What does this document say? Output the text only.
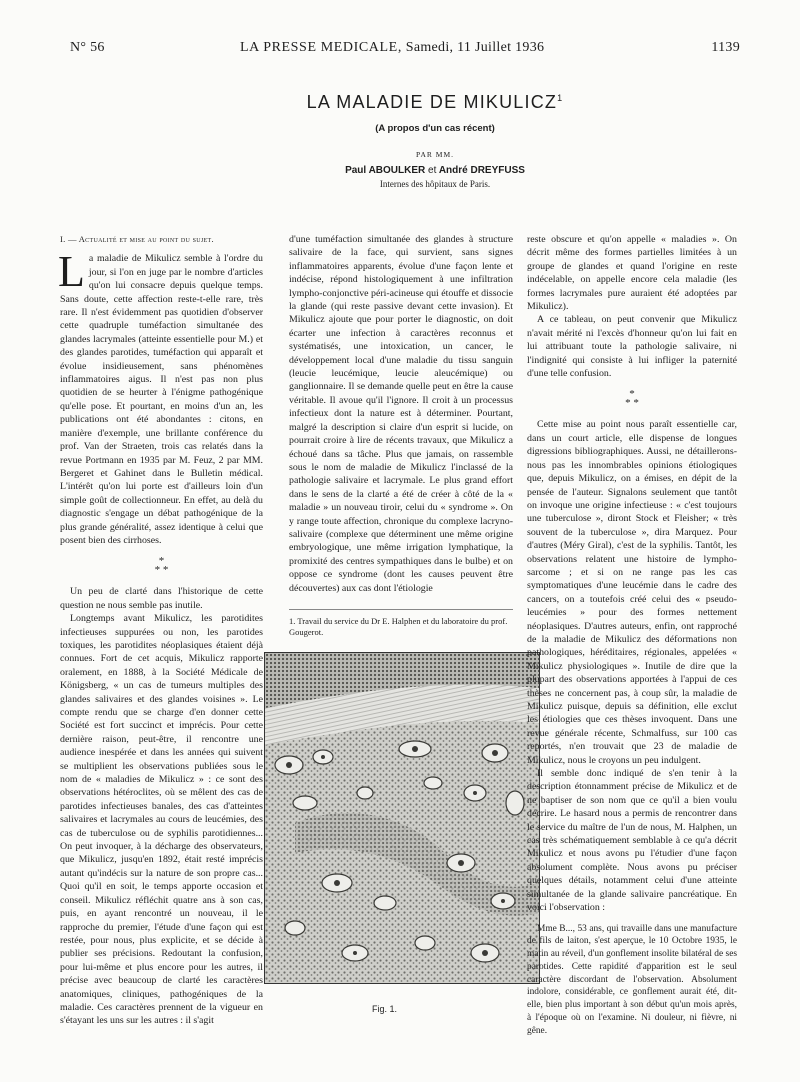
N° 56	LA PRESSE MEDICALE, Samedi, 11 Juillet 1936	1139
LA MALADIE DE MIKULICZ$^1$
(A propos d'un cas récent)
PAR MM.
Paul ABOULKER et André DREYFUSS
Internes des hôpitaux de Paris.
I. — Actualité et mise au point du sujet.

La maladie de Mikulicz semble à l'ordre du jour, si l'on en juge par le nombre d'articles qu'on lui consacre depuis quelque temps. Sans doute, cette affection reste-t-elle rare, très rare. Il n'est évidemment pas quotidien d'observer cette quadruple tuméfaction simultanée des glandes lacrymales (atteinte essentielle pour M.) et des glandes parotides, tuméfaction qui apparaît et évolue insidieusement, sans phénomènes inflammatoires aigus. Il n'est pas non plus quotidien de se heurter à l'énigme pathogénique qu'elle pose. Et pourtant, en moins d'un an, les publications ont été abondantes : citons, en manière d'exemple, une brillante conférence du prof. Van der Straeten, trois cas relatés dans la revue Portmann en 1935 par M. Feuz, 2 par MM. Bergeret et Gahinet dans le Bulletin médical. L'intérêt qu'on lui porte est d'ailleurs loin d'un simple goût de collectionneur. En effet, au delà du diagnostic s'engage un débat pathogénique de la plus grande généralité, assez identique à celui que posent bien des cirrhoses.

*
* *

Un peu de clarté dans l'historique de cette question ne nous semble pas inutile.

Longtemps avant Mikulicz, les parotidites infectieuses suppurées ou non, les parotides toxiques, les parotidites néoplasiques étaient déjà connues. Fort de cet acquis, Mikulicz rapporte oralement, en 1888, à la Société Médicale de Königsberg, « un cas de tumeurs multiples des glandes salivaires et des glandes voisines ». Le compte rendu que se charge d'en donner cette Société est fort succinct et imprécis. Pour cette dernière raison, peut-être, il rencontre une audience inespérée et dans les années qui suivent se multiplient les observations publiées sous le nom de « maladies de Mikulicz » : ce sont des observations hétéroclites, où se mêlent des cas de parotides infectieuses banales, des cas d'atteintes salivaires et lacrymales au cours de leucémies, des cas de tuberculose ou de syphilis parotidiennes... On peut invoquer, à la décharge des observateurs, que Mikulicz, jusqu'en 1892, était resté imprécis autant qu'indécis sur la nature de son propre cas... Quoi qu'il en soit, le temps apporte occasion et conseil. Mikulicz réfléchit quatre ans à son cas, puis, en ayant rencontré un nouveau, il le rapproche du premier, l'étude d'une façon qui est restée, pour nous, plus explicite, et se décide à publier ses précisions. Redoutant la confusion, pour lui-même et plus encore pour les autres, il précise avec beaucoup de clarté les caractères anatomiques, cliniques, pathogéniques de la maladie. Ces caractères prennent de la vigueur en s'étayant les uns sur les autres : il s'agit

d'une tuméfaction simultanée des glandes à structure salivaire de la face, qui survient, sans signes inflammatoires apparents, évolue d'une façon lente et indécise, répond histologiquement à une infiltration lympho-conjonctive péri-acineuse qui étouffe et dissocie la glande (qui reste passive devant cette invasion). Et Mikulicz ajoute que pour porter le diagnostic, on doit écarter une infection à caractères reconnus et systématisés, une intoxication, un cancer, le développement local d'une maladie du tissu sanguin (leucie leucémique, leucie aleucémique) ou ganglionnaire. Il se demande quelle peut en être la cause véritable. Il avoue qu'il l'ignore. Il croit à un processus infectieux dont la nature est à déterminer. Pourtant, malgré la description si claire d'un esprit si lucide, on pourrait croire à lire de récents travaux, que Mikulicz a échoué dans sa tâche. Plus que jamais, on rassemble sous le nom de maladie de Mikulicz l'inclassé de la pathologie salivaire et lacrymale. Le plus grand effort dans le sens de la clarté a été de créer à côté de la « maladie » un nouveau tiroir, celui du « syndrome ». On y range toute affection, chronique du complexe lacryno-salivaire (complexe que déterminent une même origine embryologique, une même irrigation lymphatique, la promixité des centres sympathiques dans le bulbe) et on oppose ce syndrome (dont les causes peuvent être découvertes) aux cas dont l'étiologie

1. Travail du service du Dr E. Halphen et du laboratoire du prof. Gougerot.

Fig. 1.

reste obscure et qu'on appelle « maladies ». On décrit même des formes partielles limitées à un groupe de glandes et quand l'origine en reste indécelable, on appelle encore cela maladie (les formes lacrymales pure auraient été adoptées par Mikulicz).

A ce tableau, on peut convenir que Mikulicz n'avait mérité ni l'excès d'honneur qu'on lui fait en lui attribuant toute la pathologie salivaire, ni l'indignité qui consiste à lui infliger la paternité d'une telle confusion.

*
* *

Cette mise au point nous paraît essentielle car, dans un court article, elle dispense de longues digressions bibliographiques. Aussi, ne détaillerons-nous pas les innombrables opinions étiologiques que, depuis Mikulicz, on a émises, en dépit de la pensée de l'auteur. Signalons seulement que tantôt on invoque une origine infectieuse : « c'est toujours une tuberculose », diront Stock et Fleisher; « très souvent de la tuberculose », dira Marquez. Pour d'autres (Méry Giral), c'est de la syphilis. Tantôt, les observations relatent une histoire de lympho-sarcome ; et si on ne range pas les cas symptomatiques d'une leucémie dans le cadre des cancers, on a toutefois créé celui des « pseudo-leucémies » pour des formes nettement néoplasiques. D'autres auteurs, enfin, ont rapproché de la maladie de Mikulicz des déformations non pathologiques, héréditaires, régionales, appelées « Mikulicz physiologiques ». Inutile de dire que la plupart des observations apportées à l'appui de ces thèses ne concernent pas, à coup sûr, la maladie de Mikulicz puisque, depuis sa définition, elle exclut les étiologies que ces thèses invoquent. Dans une revue générale récente, Schmalfuss, sur 100 cas reportés, n'en trouvait que 23 de maladie de Mikulicz, nous le croyons un peu indulgent.

Il semble donc indiqué de s'en tenir à la description étonnamment précise de Mikulicz et de ne baptiser de son nom que ce qu'il a bien voulu décrire. Le hasard nous a permis de rencontrer dans le service du maître de l'un de nous, M. Halphen, un cas très schématiquement semblable à ce qu'a décrit Mikulicz et nous avons pu l'étudier d'une façon absolument complète. Nous avons pu préciser quelques détails, notamment celui d'une atteinte simultanée de la glande salivaire pancréatique. En voici l'observation :

Mme B..., 53 ans, qui travaille dans une manufacture de fils de laiton, s'est aperçue, le 10 Octobre 1935, le matin au réveil, d'un gonflement insolite bilatéral de ses parotides. Cette rapidité d'apparition est le seul caractère discordant de l'observation. Absolument indolore, considérable, ce gonflement aurait été, dit-elle, bien plus important à son début qu'un mois après, à l'époque où on l'examine. Ni douleur, ni fièvre, ni gêne.
